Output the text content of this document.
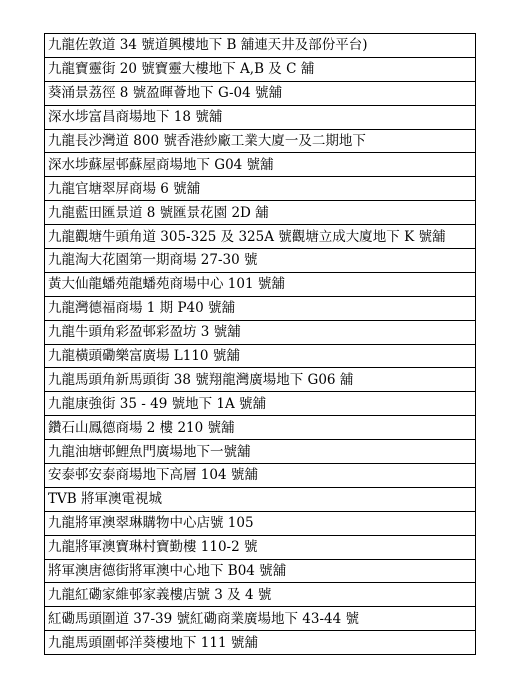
九龍佐敦道 34 號道興樓地下 B 舖連天井及部份平台)
九龍寶靈街 20 號寶靈大樓地下 A,B 及 C 舖
葵涌景荔徑 8 號盈暉薈地下 G-04 號舖
深水埗富昌商場地下 18 號舖
九龍長沙灣道 800 號香港紗廠工業大廈一及二期地下
深水埗蘇屋邨蘇屋商場地下 G04 號舖
九龍官塘翠屏商場 6 號舖
九龍藍田匯景道 8 號匯景花園 2D 舖
九龍觀塘牛頭角道 305-325 及 325A 號觀塘立成大廈地下 K 號舖
九龍淘大花園第一期商場 27-30 號
黃大仙龍蟠苑龍蟠苑商場中心 101 號舖
九龍灣德福商場 1 期 P40 號舖
九龍牛頭角彩盈邨彩盈坊 3 號舖
九龍橫頭磡樂富廣場 L110 號舖
九龍馬頭角新馬頭街 38 號翔龍灣廣場地下 G06 舖
九龍康強街 35 - 49 號地下 1A 號舖
鑽石山鳳德商場 2 樓 210 號舖
九龍油塘邨鯉魚門廣場地下一號舖
安泰邨安泰商場地下高層 104 號舖
TVB 將軍澳電視城
九龍將軍澳翠琳購物中心店號 105
九龍將軍澳寶琳村寶勤樓 110-2 號
將軍澳唐德街將軍澳中心地下 B04 號舖
九龍紅磡家維邨家義樓店號 3 及 4 號
紅磡馬頭圍道 37-39 號紅磡商業廣場地下 43-44 號
九龍馬頭圍邨洋葵樓地下 111 號舖
